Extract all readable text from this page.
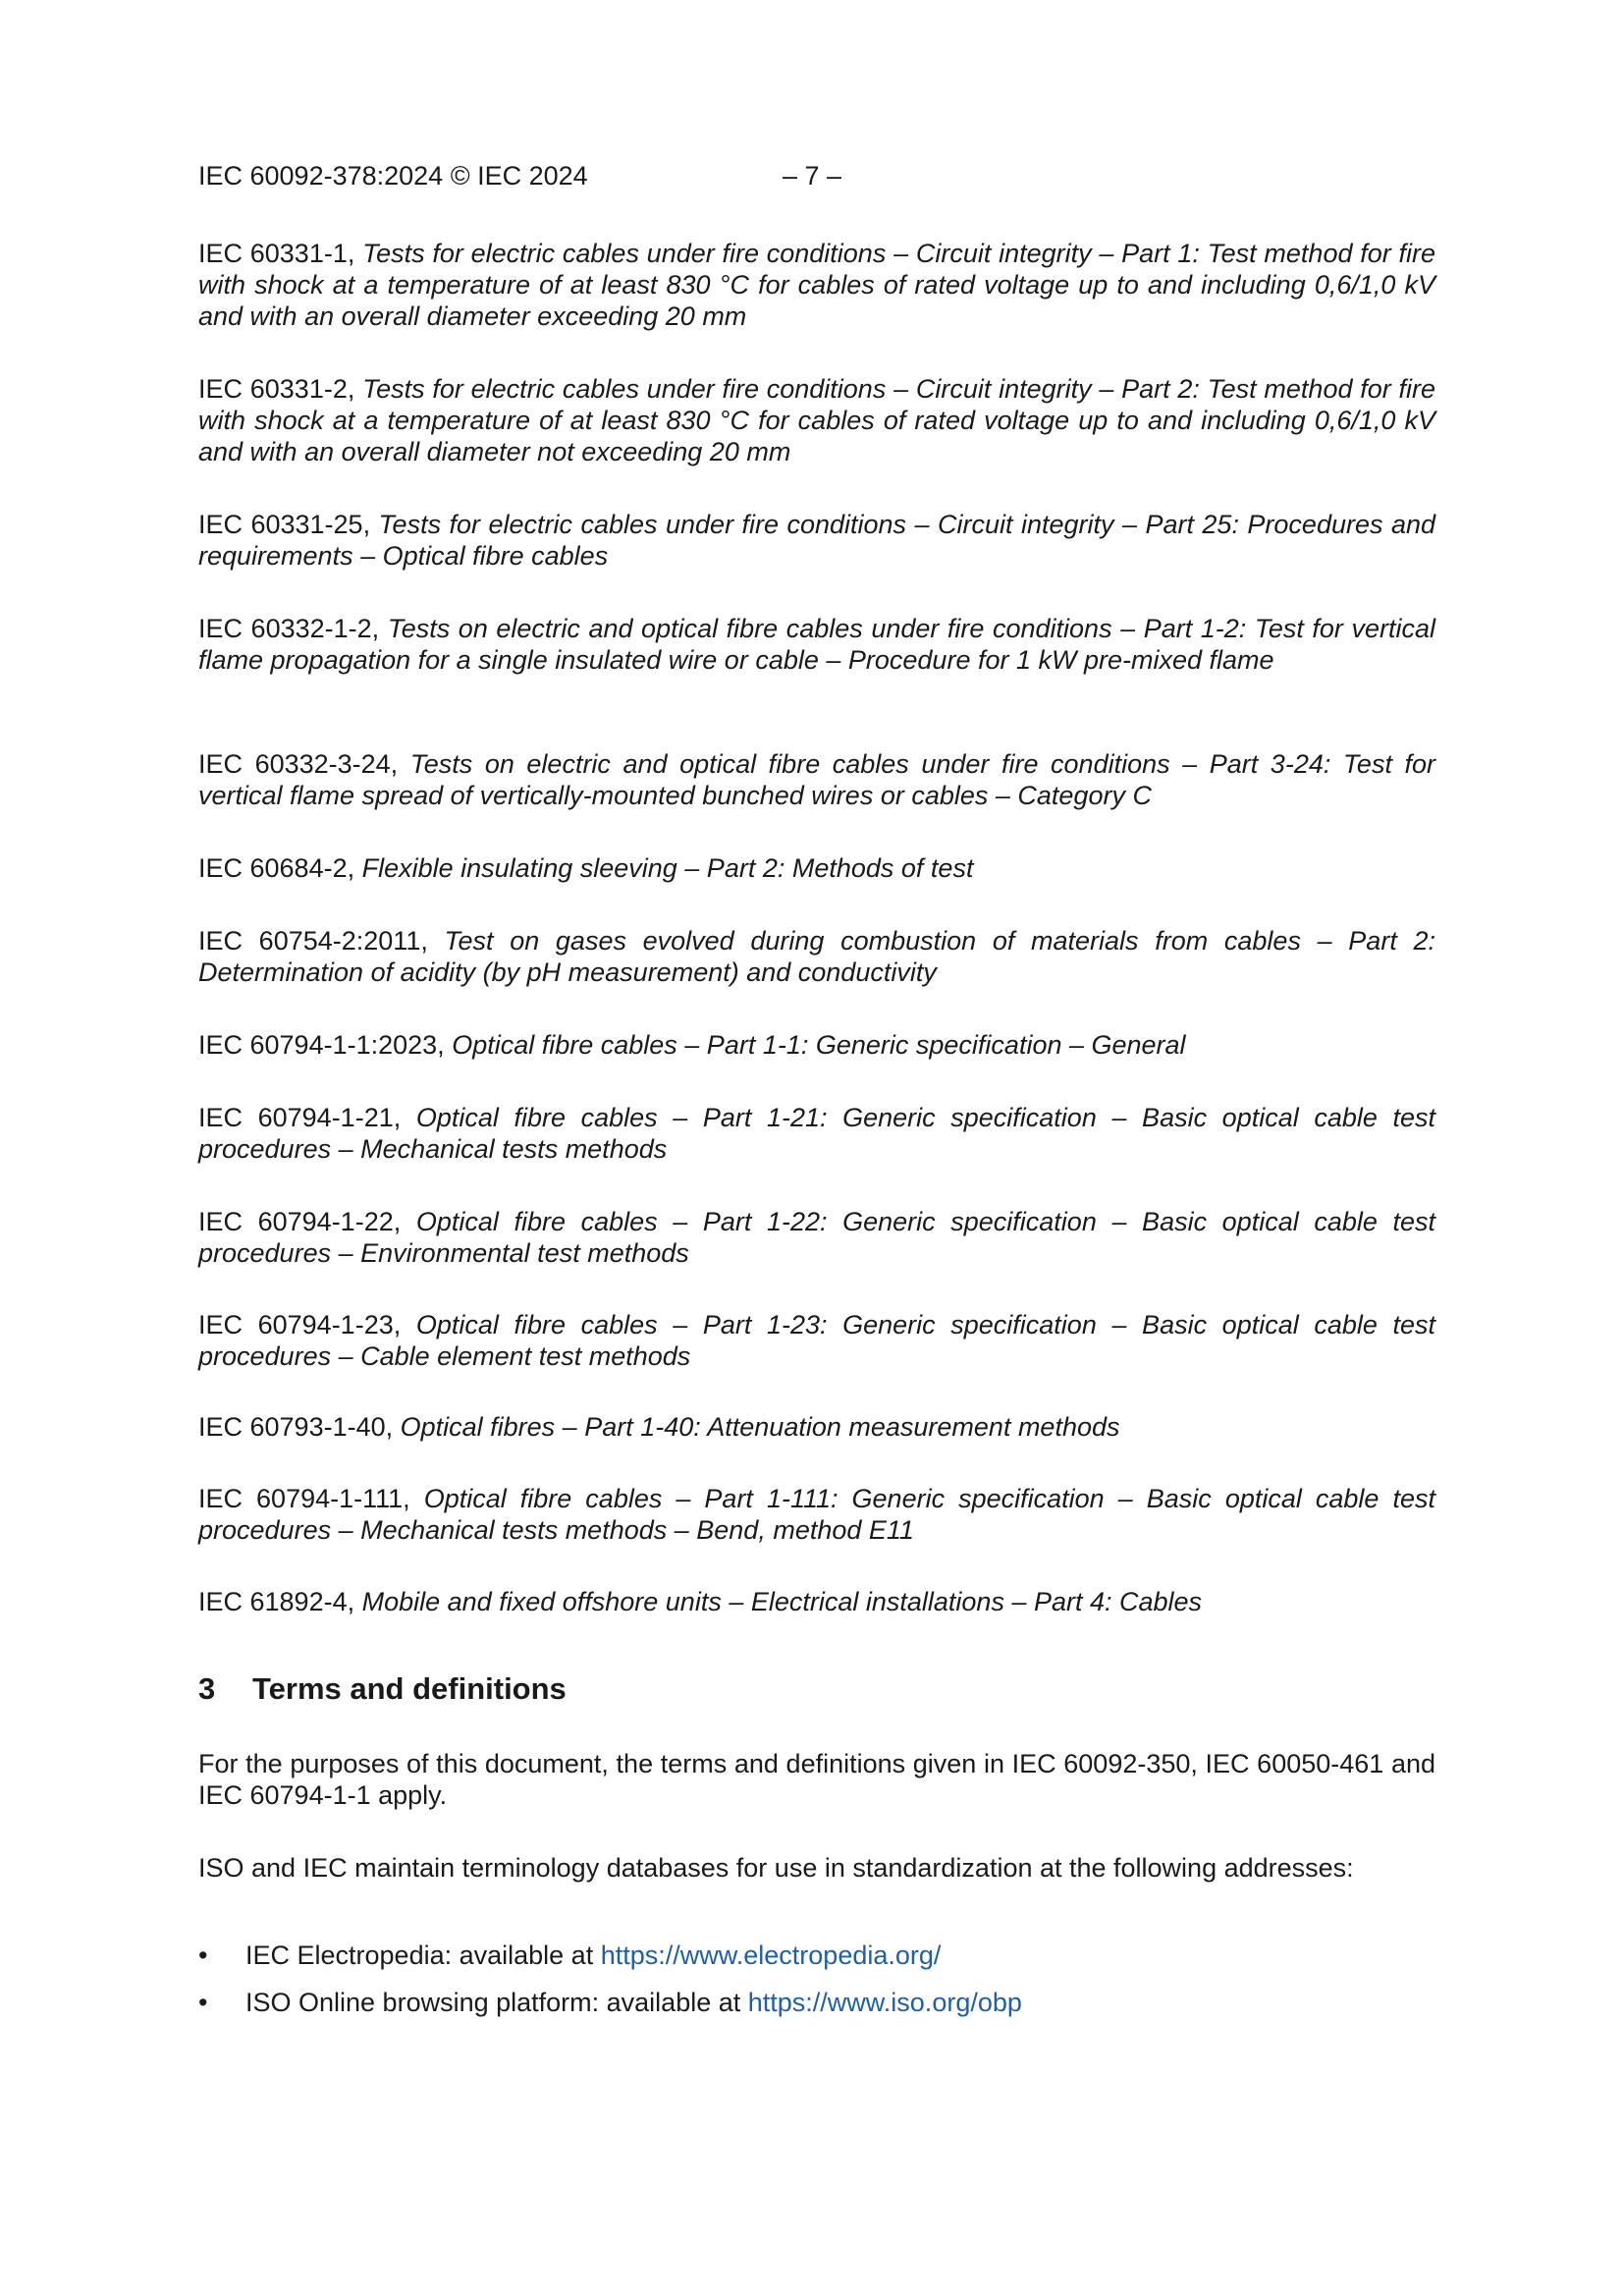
IEC 60092-378:2024 © IEC 2024	– 7 –
IEC 60331-1, Tests for electric cables under fire conditions – Circuit integrity – Part 1: Test method for fire with shock at a temperature of at least 830 °C for cables of rated voltage up to and including 0,6/1,0 kV and with an overall diameter exceeding 20 mm
IEC 60331-2, Tests for electric cables under fire conditions – Circuit integrity – Part 2: Test method for fire with shock at a temperature of at least 830 °C for cables of rated voltage up to and including 0,6/1,0 kV and with an overall diameter not exceeding 20 mm
IEC 60331-25, Tests for electric cables under fire conditions – Circuit integrity – Part 25: Procedures and requirements – Optical fibre cables
IEC 60332-1-2, Tests on electric and optical fibre cables under fire conditions – Part 1-2: Test for vertical flame propagation for a single insulated wire or cable – Procedure for 1 kW pre-mixed flame
IEC 60332-3-24, Tests on electric and optical fibre cables under fire conditions – Part 3-24: Test for vertical flame spread of vertically-mounted bunched wires or cables – Category C
IEC 60684-2, Flexible insulating sleeving – Part 2: Methods of test
IEC 60754-2:2011, Test on gases evolved during combustion of materials from cables – Part 2: Determination of acidity (by pH measurement) and conductivity
IEC 60794-1-1:2023, Optical fibre cables – Part 1-1: Generic specification – General
IEC 60794-1-21, Optical fibre cables – Part 1-21: Generic specification – Basic optical cable test procedures – Mechanical tests methods
IEC 60794-1-22, Optical fibre cables – Part 1-22: Generic specification – Basic optical cable test procedures – Environmental test methods
IEC 60794-1-23, Optical fibre cables – Part 1-23: Generic specification – Basic optical cable test procedures – Cable element test methods
IEC 60793-1-40, Optical fibres – Part 1-40: Attenuation measurement methods
IEC 60794-1-111, Optical fibre cables – Part 1-111: Generic specification – Basic optical cable test procedures – Mechanical tests methods – Bend, method E11
IEC 61892-4, Mobile and fixed offshore units – Electrical installations – Part 4: Cables
3 Terms and definitions
For the purposes of this document, the terms and definitions given in IEC 60092-350, IEC 60050-461 and IEC 60794-1-1 apply.
ISO and IEC maintain terminology databases for use in standardization at the following addresses:
• IEC Electropedia: available at https://www.electropedia.org/
• ISO Online browsing platform: available at https://www.iso.org/obp
